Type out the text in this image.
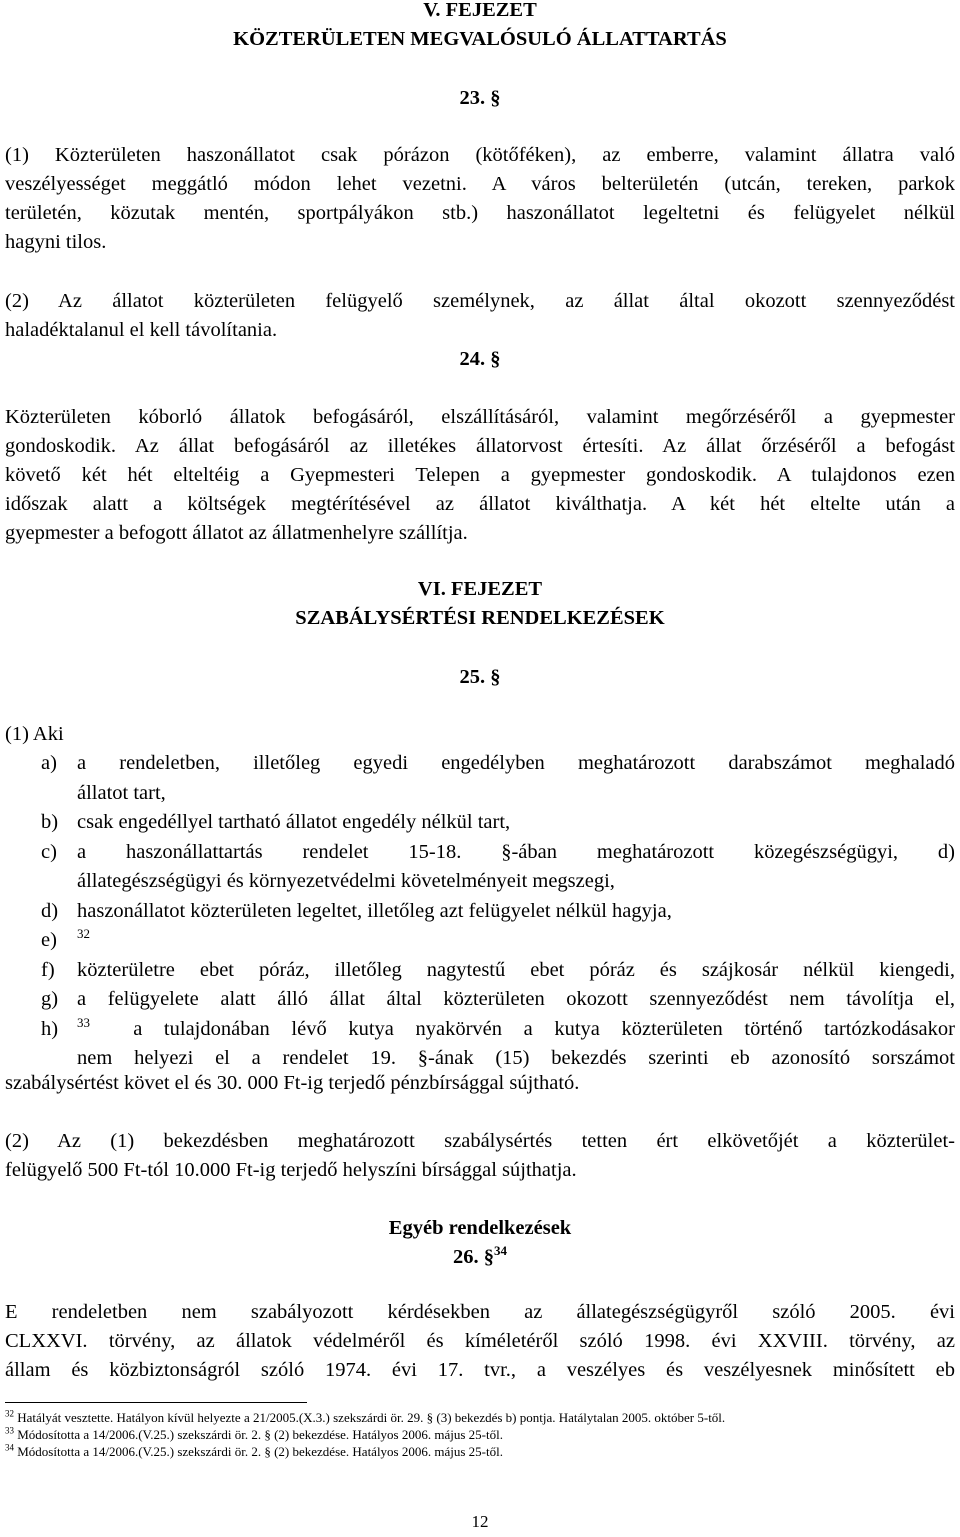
V. FEJEZET
KÖZTERÜLETEN MEGVALÓSULÓ ÁLLATTARTÁS
23. §
(1) Közterületen haszonállatot csak pórázon (kötőféken), az emberre, valamint állatra való
veszélyességet meggátló módon lehet vezetni. A város belterületén (utcán, tereken, parkok
területén, közutak mentén, sportpályákon stb.) haszonállatot legeltetni és felügyelet nélkül
hagyni tilos.
(2) Az állatot közterületen felügyelő személynek, az állat által okozott szennyeződést
haladéktalanul el kell távolítania.
24. §
Közterületen kóborló állatok befogásáról, elszállításáról, valamint megőrzéséről a gyepmester
gondoskodik. Az állat befogásáról az illetékes állatorvost értesíti. Az állat őrzéséről a befogást
követő két hét elteltéig a Gyepmesteri Telepen a gyepmester gondoskodik. A tulajdonos ezen
időszak alatt a költségek megtérítésével az állatot kiválthatja. A két hét eltelte után a
gyepmester a befogott állatot az állatmenhelyre szállítja.
VI. FEJEZET
SZABÁLYSÉRTÉSI RENDELKEZÉSEK
25. §
(1) Aki
a) a rendeletben, illetőleg egyedi engedélyben meghatározott darabszámot meghaladó
állatot tart,
b) csak engedéllyel tartható állatot engedély nélkül tart,
c) a haszonállattartás rendelet 15-18. §-ában meghatározott közegészségügyi, d)
állategészségügyi és környezetvédelmi követelményeit megszegi,
d) haszonállatot közterületen legeltet, illetőleg azt felügyelet nélkül hagyja,
e) $^{32}$
f) közterületre ebet póráz, illetőleg nagytestű ebet póráz és szájkosár nélkül kiengedi,
g) a felügyelete alatt álló állat által közterületen okozott szennyeződést nem távolítja el,
h) $^{33}$ a tulajdonában lévő kutya nyakörvén a kutya közterületen történő tartózkodásakor
nem helyezi el a rendelet 19. §-ának (15) bekezdés szerinti eb azonosító sorszámot
szabálysértést követ el és 30. 000 Ft-ig terjedő pénzbírsággal sújtható.
(2) Az (1) bekezdésben meghatározott szabálysértés tetten ért elkövetőjét a közterület-
felügyelő 500 Ft-tól 10.000 Ft-ig terjedő helyszíni bírsággal sújthatja.
Egyéb rendelkezések
26. §$^{34}$
E rendeletben nem szabályozott kérdésekben az állategészségügyről szóló 2005. évi
CLXXVI. törvény, az állatok védelméről és kíméletéről szóló 1998. évi XXVIII. törvény, az
állam és közbiztonságról szóló 1974. évi 17. tvr., a veszélyes és veszélyesnek minősített eb
$^{32}$ Hatályát vesztette. Hatályon kívül helyezte a 21/2005.(X.3.) szekszárdi ör. 29. § (3) bekezdés b) pontja. Hatálytalan 2005. október 5-től.
$^{33}$ Módosította a 14/2006.(V.25.) szekszárdi ör. 2. § (2) bekezdése. Hatályos 2006. május 25-től.
$^{34}$ Módosította a 14/2006.(V.25.) szekszárdi ör. 2. § (2) bekezdése. Hatályos 2006. május 25-től.
12
